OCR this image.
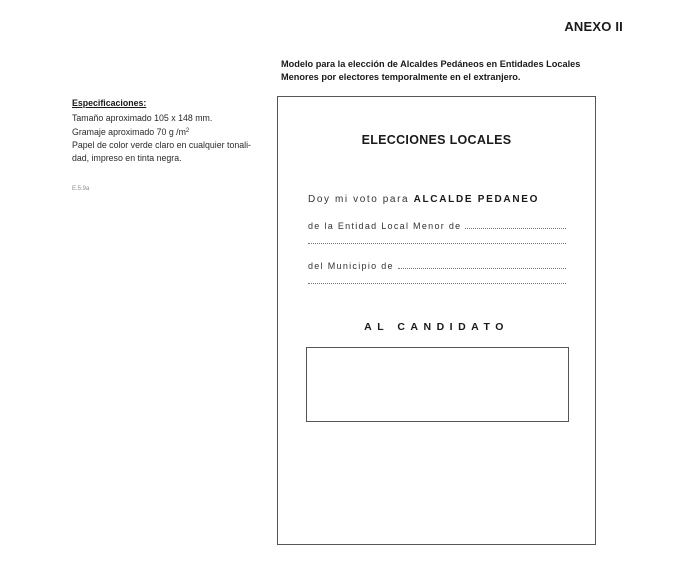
ANEXO II
Modelo para la elección de Alcaldes Pedáneos en Entidades Locales Menores por electores temporalmente en el extranjero.
Especificaciones:
Tamaño aproximado 105 x 148 mm.
Gramaje aproximado 70 g $/m^2$
Papel de color verde claro en cualquier tonali-
dad, impreso en tinta negra.
E.5.9a
ELECCIONES LOCALES
Doy mi voto para ALCALDE PEDANEO
de la Entidad Local Menor de
del Municipio de
AL CANDIDATO
